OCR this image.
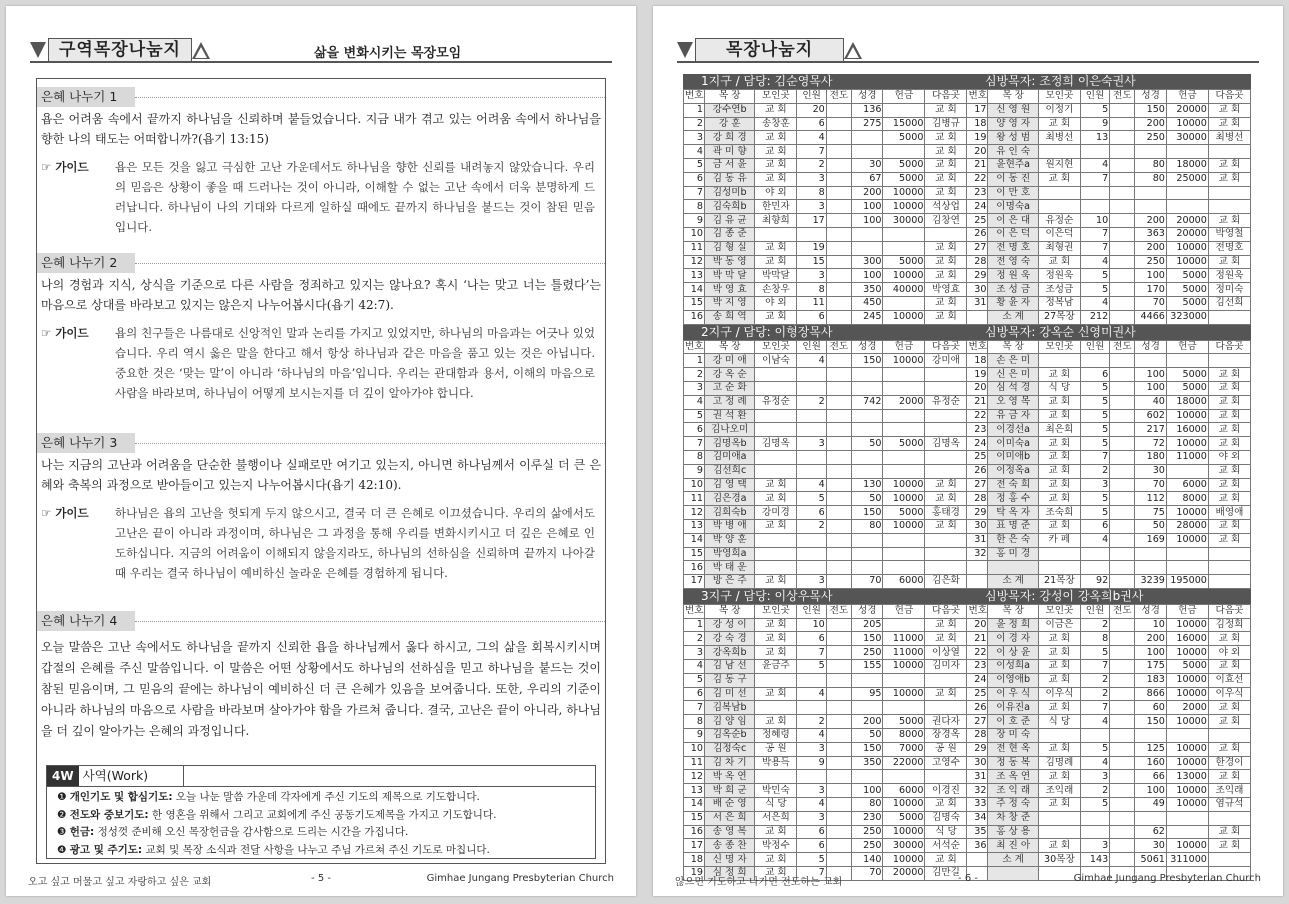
구역목장나눔지	삶을 변화시키는 목장모임
은혜 나누기 1
욥은 어려움 속에서 끝까지 하나님을 신뢰하며 붙들었습니다. 지금 내가 겪고 있는 어려움 속에서 하나님을 향한 나의 태도는 어떠합니까?(욥기 13:15)
☞ 가이드	욥은 모든 것을 잃고 극심한 고난 가운데서도 하나님을 향한 신뢰를 내려놓지 않았습니다. 우리의 믿음은 상황이 좋을 때 드러나는 것이 아니라, 이해할 수 없는 고난 속에서 더욱 분명하게 드러납니다. 하나님이 나의 기대와 다르게 일하실 때에도 끝까지 하나님을 붙드는 것이 참된 믿음입니다.
은혜 나누기 2
나의 경험과 지식, 상식을 기준으로 다른 사람을 정죄하고 있지는 않나요? 혹시 ‘나는 맞고 너는 틀렸다’는 마음으로 상대를 바라보고 있지는 않은지 나누어봅시다(욥기 42:7).
☞ 가이드	욥의 친구들은 나름대로 신앙적인 말과 논리를 가지고 있었지만, 하나님의 마음과는 어긋나 있었습니다. 우리 역시 옳은 말을 한다고 해서 항상 하나님과 같은 마음을 품고 있는 것은 아닙니다. 중요한 것은 ‘맞는 말’이 아니라 ‘하나님의 마음’입니다. 우리는 관대함과 용서, 이해의 마음으로 사람을 바라보며, 하나님이 어떻게 보시는지를 더 깊이 알아가야 합니다.
은혜 나누기 3
나는 지금의 고난과 어려움을 단순한 불행이나 실패로만 여기고 있는지, 아니면 하나님께서 이루실 더 큰 은혜와 축복의 과정으로 받아들이고 있는지 나누어봅시다(욥기 42:10).
☞ 가이드	하나님은 욥의 고난을 헛되게 두지 않으시고, 결국 더 큰 은혜로 이끄셨습니다. 우리의 삶에서도 고난은 끝이 아니라 과정이며, 하나님은 그 과정을 통해 우리를 변화시키시고 더 깊은 은혜로 인도하십니다. 지금의 어려움이 이해되지 않을지라도, 하나님의 선하심을 신뢰하며 끝까지 나아갈 때 우리는 결국 하나님이 예비하신 놀라운 은혜를 경험하게 됩니다.
은혜 나누기 4
오늘 말씀은 고난 속에서도 하나님을 끝까지 신뢰한 욥을 하나님께서 옳다 하시고, 그의 삶을 회복시키시며 갑절의 은혜를 주신 말씀입니다. 이 말씀은 어떤 상황에서도 하나님의 선하심을 믿고 하나님을 붙드는 것이 참된 믿음이며, 그 믿음의 끝에는 하나님이 예비하신 더 큰 은혜가 있음을 보여줍니다. 또한, 우리의 기준이 아니라 하나님의 마음으로 사람을 바라보며 살아가야 함을 가르쳐 줍니다. 결국, 고난은 끝이 아니라, 하나님을 더 깊이 알아가는 은혜의 과정입니다.
4W 사역(Work)
❶ 개인기도 및 합심기도: 오늘 나눈 말씀 가운데 각자에게 주신 기도의 제목으로 기도합니다.
❷ 전도와 중보기도: 한 영혼을 위해서 그리고 교회에게 주신 공동기도제목을 가지고 기도합니다.
❸ 헌금: 정성껏 준비해 오신 목장헌금을 감사함으로 드리는 시간을 가집니다.
❹ 광고 및 주기도: 교회 및 목장 소식과 전달 사항을 나누고 주님 가르쳐 주신 기도로 마칩니다.
오고 싶고 머물고 싶고 자랑하고 싶은 교회	- 5 -	Gimhae Jungang Presbyterian Church
목장나눔지
1지구 / 담당: 김순영목사	심방목자: 조정희 이은숙권사
번호	목 장	모인곳	인원	전도	성경	헌금	다음곳	번호	목 장	모인곳	인원	전도	성경	헌금	다음곳
1	강수연b	교 회	20		136		교 회	17	신 영 원	이정기	5		150	20000	교 회
2	강 훈	송창훈	6		275	15000	김병규	18	양 영 자	교 회	9		200	10000	교 회
3	강 희 경	교 회	4			5000	교 회	19	왕 성 범	최병선	13		250	30000	최병선
4	곽 미 향	교 회	7				교 회	20	유 인 숙						
5	금 서 윤	교 회	2		30	5000	교 회	21	윤현주a	원지현	4		80	18000	교 회
6	김 동 유	교 회	3		67	5000	교 회	22	이 동 진	교 회	7		80	25000	교 회
7	김성미b	야 외	8		200	10000	교 회	23	이 만 호						
8	김숙희b	한민자	3		100	10000	석상업	24	이명숙a						
9	김 유 균	최향희	17		100	30000	김창연	25	이 은 대	유정순	10		200	20000	교 회
10	김 종 준							26	이 은 덕	이은덕	7		363	20000	박영철
11	김 형 실	교 회	19				교 회	27	전 명 호	최형권	7		200	10000	전명호
12	박 동 영	교 회	15		300	5000	교 회	28	전 영 숙	교 회	4		250	10000	교 회
13	박 막 달	박막달	3		100	10000	교 회	29	정 원 욱	정원욱	5		100	5000	정원욱
14	박 영 효	손창우	8		350	40000	박영효	30	조 성 금	조성금	5		170	5000	정미숙
15	박 지 영	야 외	11		450		교 회	31	황 윤 자	정복남	4		70	5000	김선희
16	송 희 역	교 회	6		245	10000	교 회		소 계	27목장	212		4466	323000	
2지구 / 담당: 이형장목사	심방목자: 강옥순 신영미권사
번호	목 장	모인곳	인원	전도	성경	헌금	다음곳	번호	목 장	모인곳	인원	전도	성경	헌금	다음곳
1	강 미 애	이남숙	4		150	10000	강미애	18	손 은 미						
2	강 옥 순							19	신 은 미	교 회	6		100	5000	교 회
3	고 순 화							20	심 석 경	식 당	5		100	5000	교 회
4	고 정 례	유정순	2		742	2000	유정순	21	오 영 목	교 회	5		40	18000	교 회
5	권 석 환							22	유 금 자	교 회	5		602	10000	교 회
6	김나오미							23	이경선a	최은희	5		217	16000	교 회
7	김명옥b	김명옥	3		50	5000	김명옥	24	이미숙a	교 회	5		72	10000	교 회
8	김미애a							25	이미애b	교 회	7		180	11000	야 외
9	김선희c							26	이정옥a	교 회	2		30		교 회
10	김 영 택	교 회	4		130	10000	교 회	27	전 숙 희	교 회	3		70	6000	교 회
11	김은경a	교 회	5		50	10000	교 회	28	정 홍 수	교 회	5		112	8000	교 회
12	김희숙b	강미경	6		150	5000	홍태경	29	탁 옥 자	조숙희	5		75	10000	배영애
13	박 병 애	교 회	2		80	10000	교 회	30	표 명 준	교 회	6		50	28000	교 회
14	박 양 훈							31	한 은 숙	카 페	4		169	10000	교 회
15	박영희a							32	홍 미 경						
16	박 태 운														
17	방 은 주	교 회	3		70	6000	김은화		소 계	21목장	92		3239	195000	
3지구 / 담당: 이상우목사	심방목자: 강성이 강옥희b권사
번호	목 장	모인곳	인원	전도	성경	헌금	다음곳	번호	목 장	모인곳	인원	전도	성경	헌금	다음곳
1	강 성 이	교 회	10		205		교 회	20	윤 정 희	이금은	2		10	10000	김정희
2	강 숙 경	교 회	6		150	11000	교 회	21	이 경 자	교 회	8		200	16000	교 회
3	강옥희b	교 회	7		250	11000	이상열	22	이 상 윤	교 회	5		100	10000	야 외
4	김 남 선	윤금주	5		155	10000	김미자	23	이성희a	교 회	7		175	5000	교 회
5	김 동 구							24	이영애b	교 회	2		183	10000	이효선
6	김 미 선	교 회	4		95	10000	교 회	25	이 우 식	이우식	2		866	10000	이우식
7	김복남b							26	이유진a	교 회	7		60	2000	교 회
8	김 양 임	교 회	2		200	5000	권다자	27	이 호 준	식 당	4		150	10000	교 회
9	김옥순b	정혜령	4		50	8000	장경옥	28	장 미 숙						
10	김정숙c	공 원	3		150	7000	공 원	29	전 현 옥	교 회	5		125	10000	교 회
11	김 차 기	박용득	9		350	22000	고영수	30	정 동 복	김명례	4		160	10000	한경이
12	박 옥 연							31	조 옥 연	교 회	3		66	13000	교 회
13	박 희 군	박민숙	3		100	6000	이경진	32	조 익 래	조익래	2		100	10000	조익래
14	배 순 영	식 당	4		80	10000	교 회	33	주 정 숙	교 회	5		49	10000	염규석
15	서 은 희	서은희	3		230	5000	김명숙	34	차 창 준						
16	송 영 복	교 회	6		250	10000	식 당	35	홍 상 용				62		교 회
17	송 종 찬	박정수	6		250	30000	서석순	36	최 진 아	교 회	3		30	10000	교 회
18	신 명 자	교 회	5		140	10000	교 회		소 계	30목장	143		5061	311000	
19	심 정 희	교 회	7		70	20000	김만길								
않으면 기도하고 나가면 전도하는 교회	- 6 -	Gimhae Jungang Presbyterian Church
